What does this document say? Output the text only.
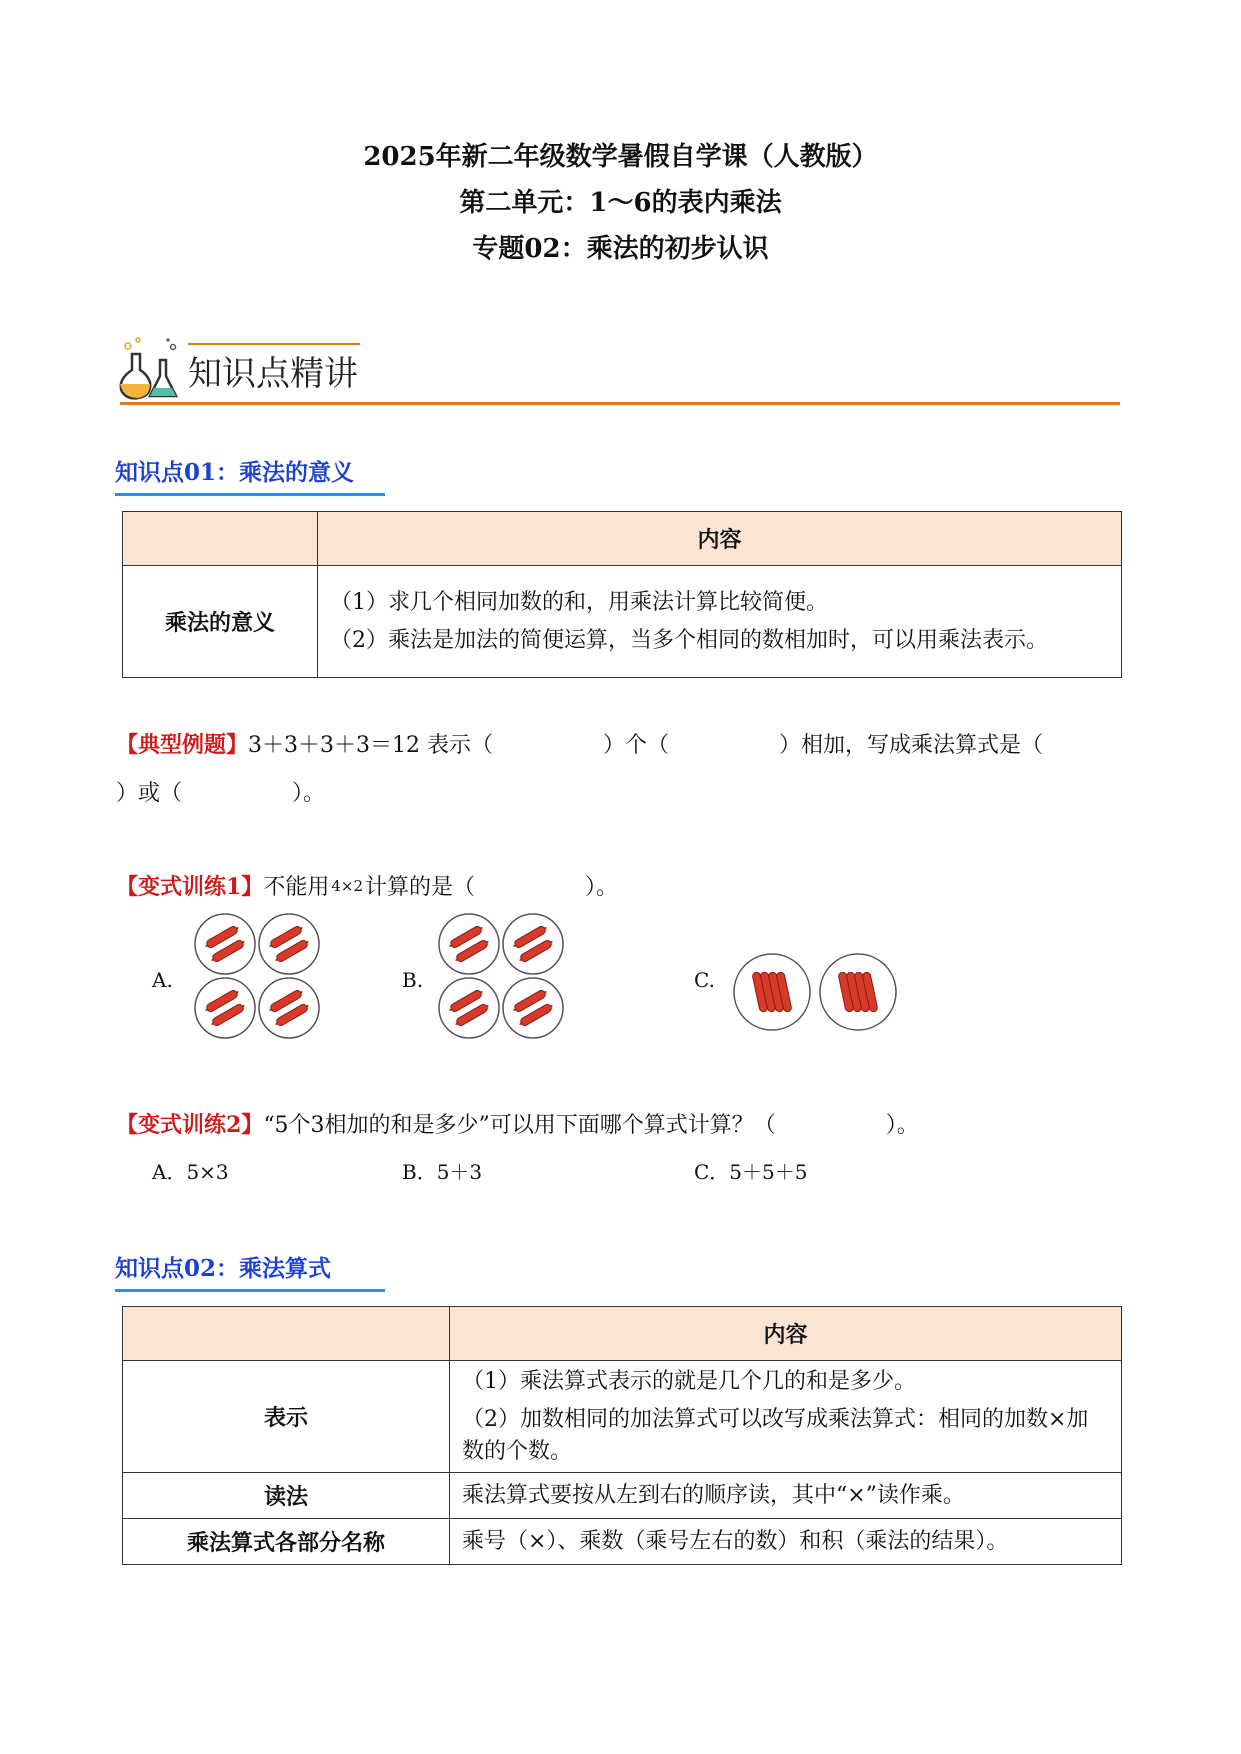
2025年新二年级数学暑假自学课（人教版）
第二单元：1～6的表内乘法
专题02：乘法的初步认识
知识点精讲
知识点01：乘法的意义
	内容
乘法的意义	（1）求几个相同加数的和，用乘法计算比较简便。
（2）乘法是加法的简便运算，当多个相同的数相加时，可以用乘法表示。
【典型例题】3＋3＋3＋3＝12 表示（　　　　　）个（　　　　　）相加，写成乘法算式是（
）或（　　　　　）。
【变式训练1】不能用 4×2计算的是（　　　　　）。
A.	B.	C.
【变式训练2】“5个3相加的和是多少”可以用下面哪个算式计算？（　　　　　）。
A．5×3	B．5＋3	C．5＋5＋5
知识点02：乘法算式
	内容
表示	（1）乘法算式表示的就是几个几的和是多少。
（2）加数相同的加法算式可以改写成乘法算式：相同的加数×加数的个数。

读法	乘法算式要按从左到右的顺序读，其中“×”读作乘。
乘法算式各部分名称	乘号（×）、乘数（乘号左右的数）和积（乘法的结果）。
